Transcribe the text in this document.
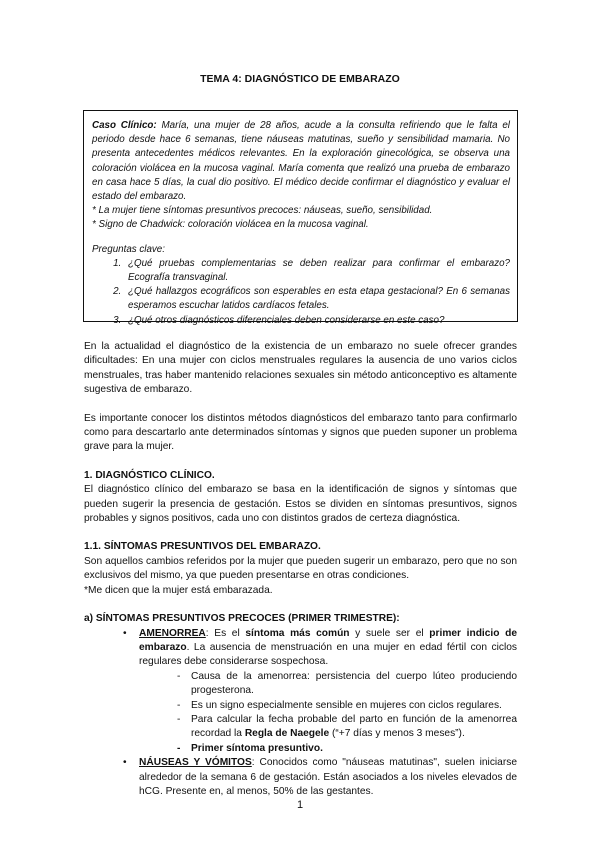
TEMA 4: DIAGNÓSTICO DE EMBARAZO

Caso Clínico: María, una mujer de 28 años, acude a la consulta refiriendo que le falta el periodo desde hace 6 semanas, tiene náuseas matutinas, sueño y sensibilidad mamaria. No presenta antecedentes médicos relevantes. En la exploración ginecológica, se observa una coloración violácea en la mucosa vaginal. María comenta que realizó una prueba de embarazo en casa hace 5 días, la cual dio positivo. El médico decide confirmar el diagnóstico y evaluar el estado del embarazo.

* La mujer tiene síntomas presuntivos precoces: náuseas, sueño, sensibilidad.

* Signo de Chadwick: coloración violácea en la mucosa vaginal.

Preguntas clave:

1. ¿Qué pruebas complementarias se deben realizar para confirmar el embarazo? Ecografía transvaginal.
2. ¿Qué hallazgos ecográficos son esperables en esta etapa gestacional? En 6 semanas esperamos escuchar latidos cardíacos fetales.
3. ¿Qué otros diagnósticos diferenciales deben considerarse en este caso?

En la actualidad el diagnóstico de la existencia de un embarazo no suele ofrecer grandes dificultades: En una mujer con ciclos menstruales regulares la ausencia de uno varios ciclos menstruales, tras haber mantenido relaciones sexuales sin método anticonceptivo es altamente sugestiva de embarazo.

Es importante conocer los distintos métodos diagnósticos del embarazo tanto para confirmarlo como para descartarlo ante determinados síntomas y signos que pueden suponer un problema grave para la mujer.

1. DIAGNÓSTICO CLÍNICO.

El diagnóstico clínico del embarazo se basa en la identificación de signos y síntomas que pueden sugerir la presencia de gestación. Estos se dividen en síntomas presuntivos, signos probables y signos positivos, cada uno con distintos grados de certeza diagnóstica.

1.1. SÍNTOMAS PRESUNTIVOS DEL EMBARAZO.

Son aquellos cambios referidos por la mujer que pueden sugerir un embarazo, pero que no son exclusivos del mismo, ya que pueden presentarse en otras condiciones.

*Me dicen que la mujer está embarazada.

a) SÍNTOMAS PRESUNTIVOS PRECOCES (PRIMER TRIMESTRE):

• AMENORREA: Es el síntoma más común y suele ser el primer indicio de embarazo. La ausencia de menstruación en una mujer en edad fértil con ciclos regulares debe considerarse sospechosa.
- Causa de la amenorrea: persistencia del cuerpo lúteo produciendo progesterona.
- Es un signo especialmente sensible en mujeres con ciclos regulares.
- Para calcular la fecha probable del parto en función de la amenorrea recordad la Regla de Naegele (“+7 días y menos 3 meses”).
- Primer síntoma presuntivo.
• NÁUSEAS Y VÓMITOS: Conocidos como "náuseas matutinas", suelen iniciarse alrededor de la semana 6 de gestación. Están asociados a los niveles elevados de hCG. Presente en, al menos, 50% de las gestantes.
1
